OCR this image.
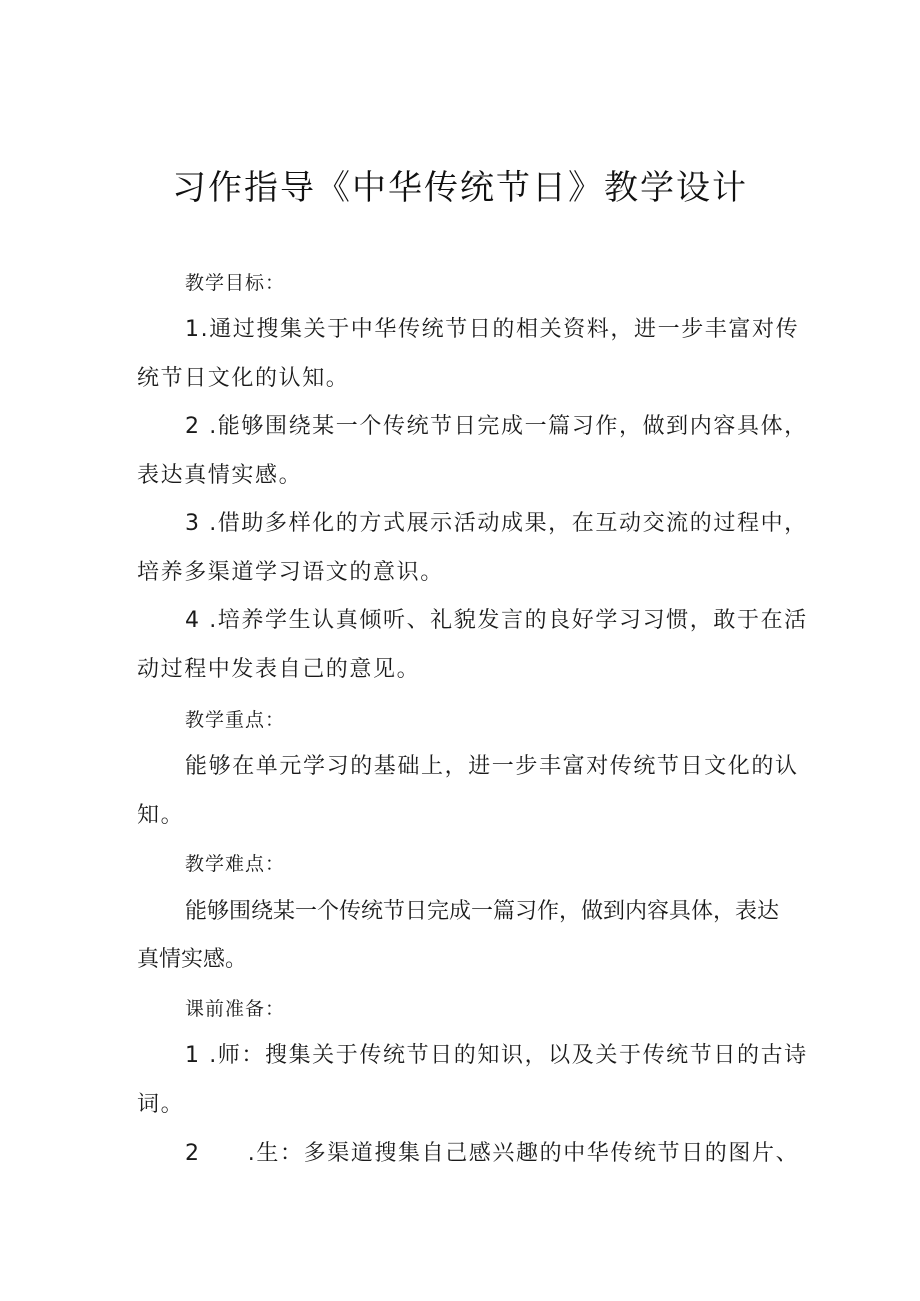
习作指导《中华传统节日》教学设计
教学目标：
1.通过搜集关于中华传统节日的相关资料，进一步丰富对传
统节日文化的认知。
2 .能够围绕某一个传统节日完成一篇习作，做到内容具体，
表达真情实感。
3 .借助多样化的方式展示活动成果，在互动交流的过程中，
培养多渠道学习语文的意识。
4 .培养学生认真倾听、礼貌发言的良好学习习惯，敢于在活
动过程中发表自己的意见。
教学重点：
能够在单元学习的基础上，进一步丰富对传统节日文化的认
知。
教学难点：
能够围绕某一个传统节日完成一篇习作，做到内容具体，表达
真情实感。
课前准备：
1 .师：搜集关于传统节日的知识，以及关于传统节日的古诗
词。
2　　.生：多渠道搜集自己感兴趣的中华传统节日的图片、
